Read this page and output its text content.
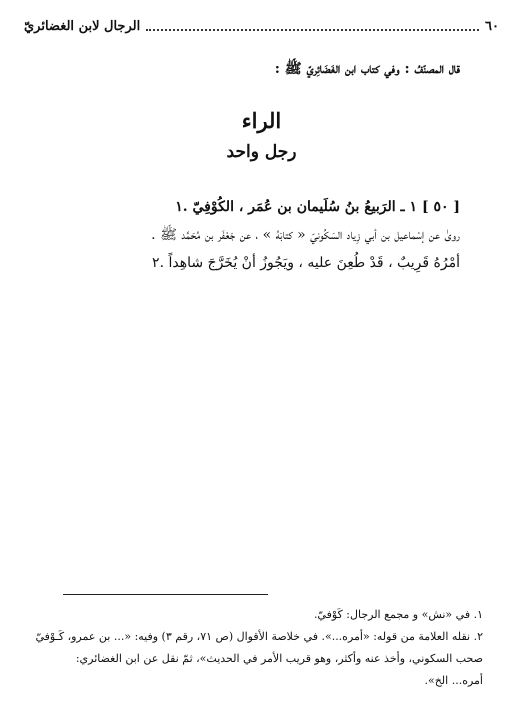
٦٠
الرجال لابن الغضائريّ
قال المصنّفُ : وفي كتاب ابن الغَضَائِريّ ﷺ :
الراء
رجل واحد
[ ٥٠ ] ١ ـ الرَبيعُ بنُ سُلَيمان بن عُمَر ، الكُوْفِيّ .١
روىٰ عن إسْماعيل بن أبي زِياد السَكُونيّ « كتابَهُ » ، عن جَعْفَر بن مُحَمَّد ﷺ .
أمْرُهُ قَرِيبٌ ، قَدْ طُعِنَ عليه ، ويَجُوزُ أنْ يُخَرَّجَ شاهِداً .٢
١. في «نش» و مجمع الرجال: كَوْفيّ.
٢. نقله العلامة من قوله: «أمره...». في خلاصة الأقوال (ص ٧١، رقم ٣) وفيه: «... بن عمرو، كَـوْفيّ
صحب السكوني، وأخذ عنه وأكثر، وهو قريب الأمر في الحديث»، ثمّ نقل عن ابن الغضائري:
أمره... الخ».
